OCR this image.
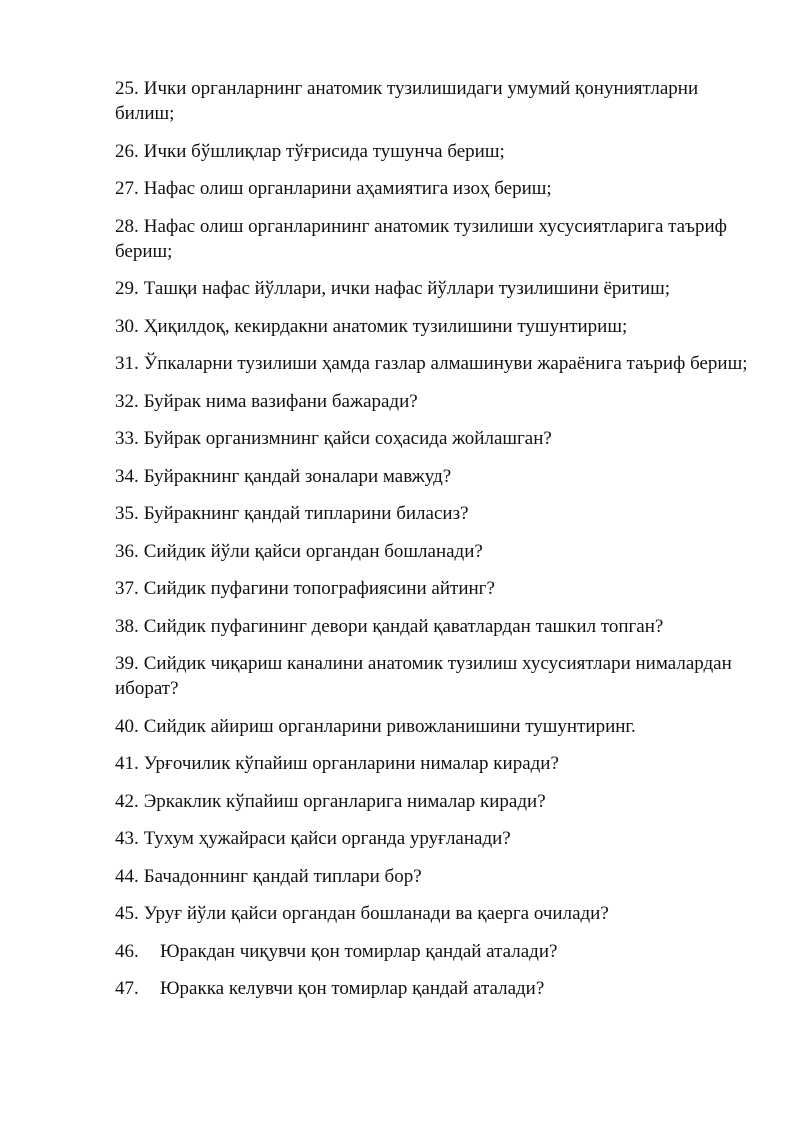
25. Ички органларнинг анатомик тузилишидаги умумий қонуниятларни билиш;
26. Ички бўшлиқлар тўғрисида тушунча бериш;
27. Нафас олиш органларини аҳамиятига изоҳ бериш;
28. Нафас олиш органларининг анатомик тузилиши хусусиятларига таъриф бериш;
29. Ташқи нафас йўллари, ички нафас йўллари тузилишини ёритиш;
30. Ҳиқилдоқ, кекирдакни анатомик тузилишини тушунтириш;
31. Ўпкаларни тузилиши ҳамда газлар алмашинуви жараёнига таъриф бериш;
32. Буйрак нима вазифани бажаради?
33. Буйрак организмнинг қайси соҳасида жойлашган?
34. Буйракнинг қандай зоналари мавжуд?
35. Буйракнинг қандай типларини биласиз?
36. Сийдик йўли қайси органдан бошланади?
37. Сийдик пуфагини топографиясини айтинг?
38. Сийдик пуфагининг девори қандай қаватлардан ташкил топган?
39. Сийдик чиқариш каналини анатомик тузилиш хусусиятлари нималардан иборат?
40. Сийдик айириш органларини ривожланишини тушунтиринг.
41. Урғочилик кўпайиш органларини нималар киради?
42. Эркаклик кўпайиш органларига нималар киради?
43. Тухум ҳужайраси қайси органда уруғланади?
44. Бачадоннинг қандай типлари бор?
45. Уруғ йўли қайси органдан бошланади ва қаерга очилади?
46. Юракдан чиқувчи қон томирлар қандай аталади?
47. Юракка келувчи қон томирлар қандай аталади?
